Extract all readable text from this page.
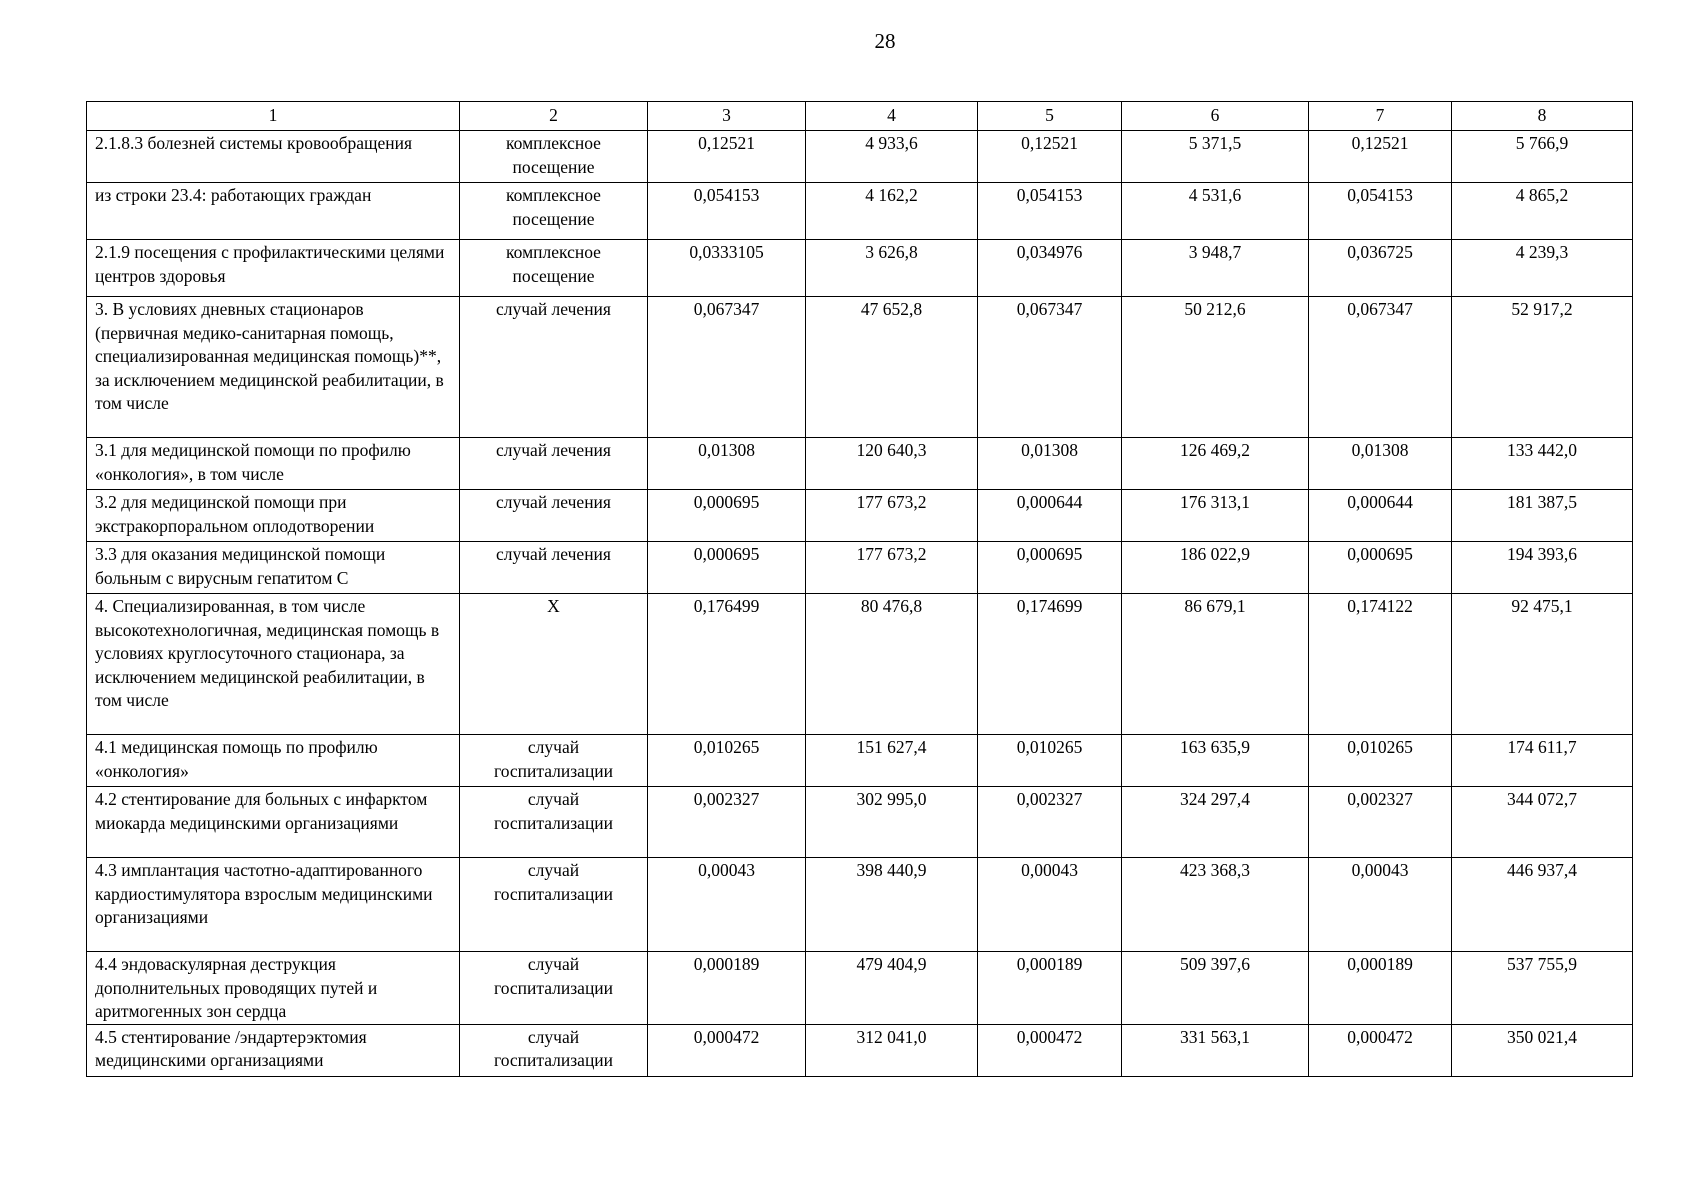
28
1	2	3	4	5	6	7	8
2.1.8.3 болезней системы кровообращения	комплексное посещение	0,12521	4 933,6	0,12521	5 371,5	0,12521	5 766,9
из строки 23.4: работающих граждан	комплексное посещение	0,054153	4 162,2	0,054153	4 531,6	0,054153	4 865,2
2.1.9 посещения с профилактическими целями центров здоровья	комплексное посещение	0,0333105	3 626,8	0,034976	3 948,7	0,036725	4 239,3
3. В условиях дневных стационаров (первичная медико-санитарная помощь, специализированная медицинская помощь)**, за исключением медицинской реабилитации, в том числе	случай лечения	0,067347	47 652,8	0,067347	50 212,6	0,067347	52 917,2
3.1 для медицинской помощи по профилю «онкология», в том числе	случай лечения	0,01308	120 640,3	0,01308	126 469,2	0,01308	133 442,0
3.2 для медицинской помощи при экстракорпоральном оплодотворении	случай лечения	0,000695	177 673,2	0,000644	176 313,1	0,000644	181 387,5
3.3 для оказания медицинской помощи больным с вирусным гепатитом С	случай лечения	0,000695	177 673,2	0,000695	186 022,9	0,000695	194 393,6
4. Специализированная, в том числе высокотехнологичная, медицинская помощь в условиях круглосуточного стационара, за исключением медицинской реабилитации, в том числе	Х	0,176499	80 476,8	0,174699	86 679,1	0,174122	92 475,1
4.1 медицинская помощь по профилю «онкология»	случай госпитализации	0,010265	151 627,4	0,010265	163 635,9	0,010265	174 611,7
4.2 стентирование для больных с инфарктом миокарда медицинскими организациями	случай госпитализации	0,002327	302 995,0	0,002327	324 297,4	0,002327	344 072,7
4.3 имплантация частотно-адаптированного кардиостимулятора взрослым медицинскими организациями	случай госпитализации	0,00043	398 440,9	0,00043	423 368,3	0,00043	446 937,4
4.4 эндоваскулярная деструкция дополнительных проводящих путей и аритмогенных зон сердца	случай госпитализации	0,000189	479 404,9	0,000189	509 397,6	0,000189	537 755,9
4.5 стентирование /эндартерэктомия медицинскими организациями	случай госпитализации	0,000472	312 041,0	0,000472	331 563,1	0,000472	350 021,4
